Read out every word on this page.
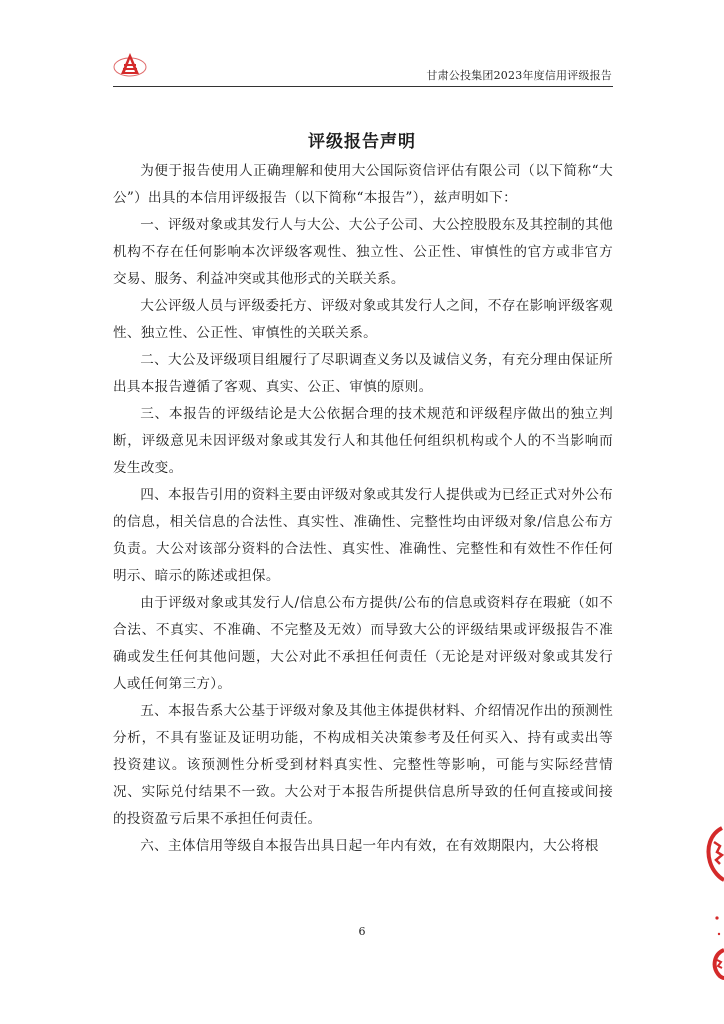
甘肃公投集团2023年度信用评级报告
评级报告声明

为便于报告使用人正确理解和使用大公国际资信评估有限公司（以下简称“大公”）出具的本信用评级报告（以下简称“本报告”），兹声明如下：

一、评级对象或其发行人与大公、大公子公司、大公控股股东及其控制的其他机构不存在任何影响本次评级客观性、独立性、公正性、审慎性的官方或非官方交易、服务、利益冲突或其他形式的关联关系。

大公评级人员与评级委托方、评级对象或其发行人之间，不存在影响评级客观性、独立性、公正性、审慎性的关联关系。

二、大公及评级项目组履行了尽职调查义务以及诚信义务，有充分理由保证所出具本报告遵循了客观、真实、公正、审慎的原则。

三、本报告的评级结论是大公依据合理的技术规范和评级程序做出的独立判断，评级意见未因评级对象或其发行人和其他任何组织机构或个人的不当影响而发生改变。

四、本报告引用的资料主要由评级对象或其发行人提供或为已经正式对外公布的信息，相关信息的合法性、真实性、准确性、完整性均由评级对象/信息公布方负责。大公对该部分资料的合法性、真实性、准确性、完整性和有效性不作任何明示、暗示的陈述或担保。

由于评级对象或其发行人/信息公布方提供/公布的信息或资料存在瑕疵（如不合法、不真实、不准确、不完整及无效）而导致大公的评级结果或评级报告不准确或发生任何其他问题，大公对此不承担任何责任（无论是对评级对象或其发行人或任何第三方）。

五、本报告系大公基于评级对象及其他主体提供材料、介绍情况作出的预测性分析，不具有鉴证及证明功能，不构成相关决策参考及任何买入、持有或卖出等投资建议。该预测性分析受到材料真实性、完整性等影响，可能与实际经营情况、实际兑付结果不一致。大公对于本报告所提供信息所导致的任何直接或间接的投资盈亏后果不承担任何责任。

六、主体信用等级自本报告出具日起一年内有效，在有效期限内，大公将根

6
